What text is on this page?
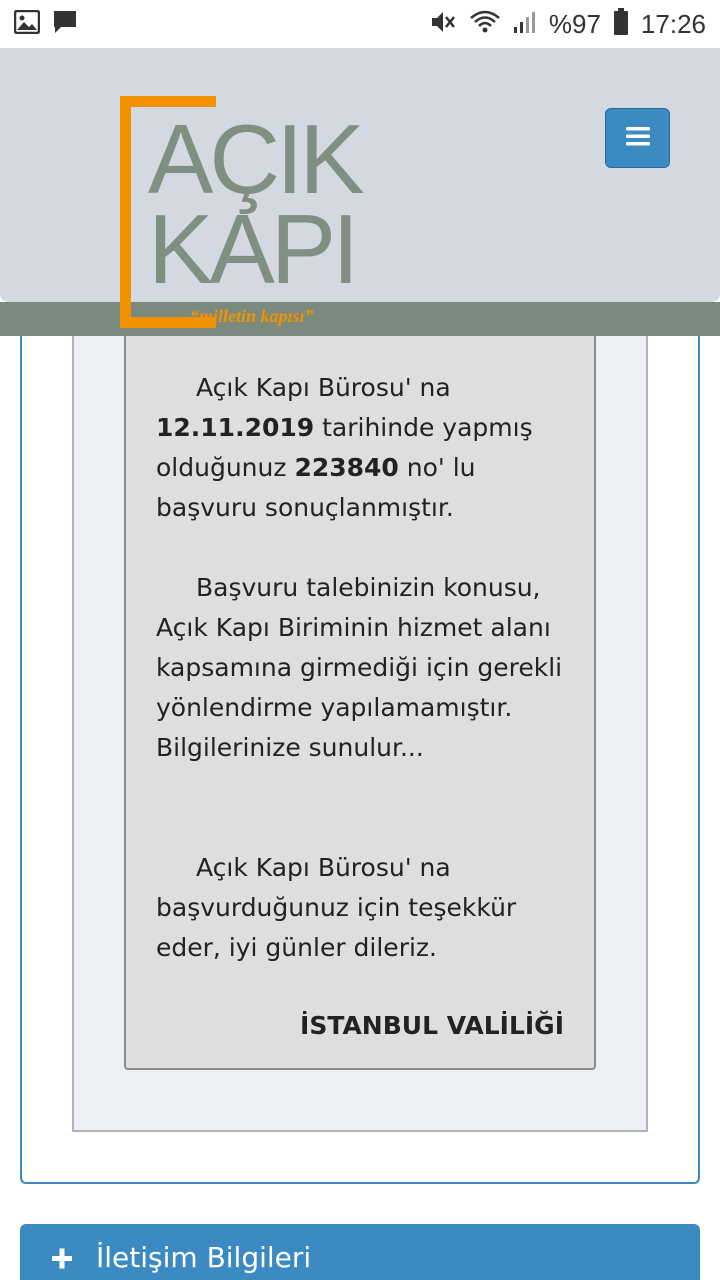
%97 17:26
AÇIK
KAPI
“milletin kapısı”
Açık Kapı Bürosu' na 12.11.2019 tarihinde yapmış olduğunuz 223840 no' lu başvuru sonuçlanmıştır.
Başvuru talebinizin konusu, Açık Kapı Biriminin hizmet alanı kapsamına girmediği için gerekli yönlendirme yapılamamıştır. Bilgilerinize sunulur...
Açık Kapı Bürosu' na başvurduğunuz için teşekkür eder, iyi günler dileriz.
İSTANBUL VALİLİĞİ
İletişim Bilgileri
